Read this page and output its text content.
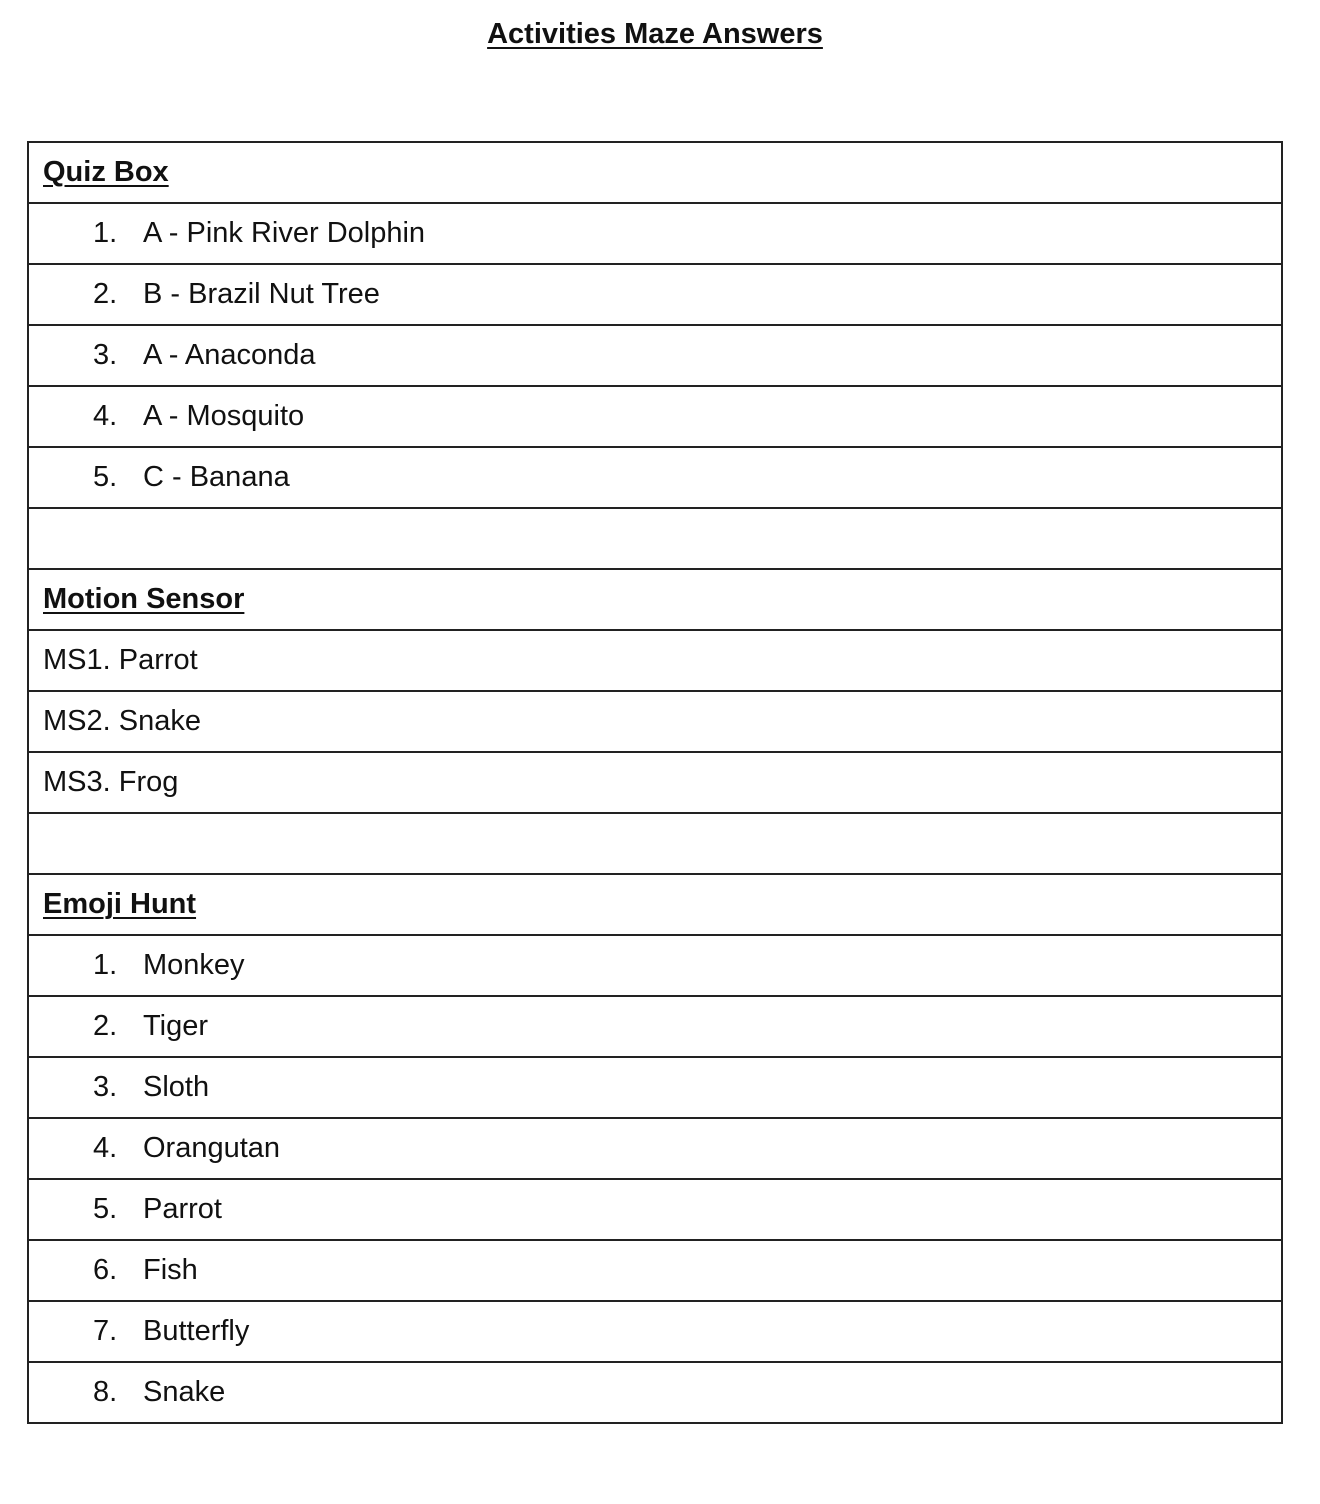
Activities Maze Answers
Quiz Box
1. A - Pink River Dolphin
2. B - Brazil Nut Tree
3. A - Anaconda
4. A - Mosquito
5. C - Banana

Motion Sensor
MS1. Parrot
MS2. Snake
MS3. Frog

Emoji Hunt
1. Monkey
2. Tiger
3. Sloth
4. Orangutan
5. Parrot
6. Fish
7. Butterfly
8. Snake
